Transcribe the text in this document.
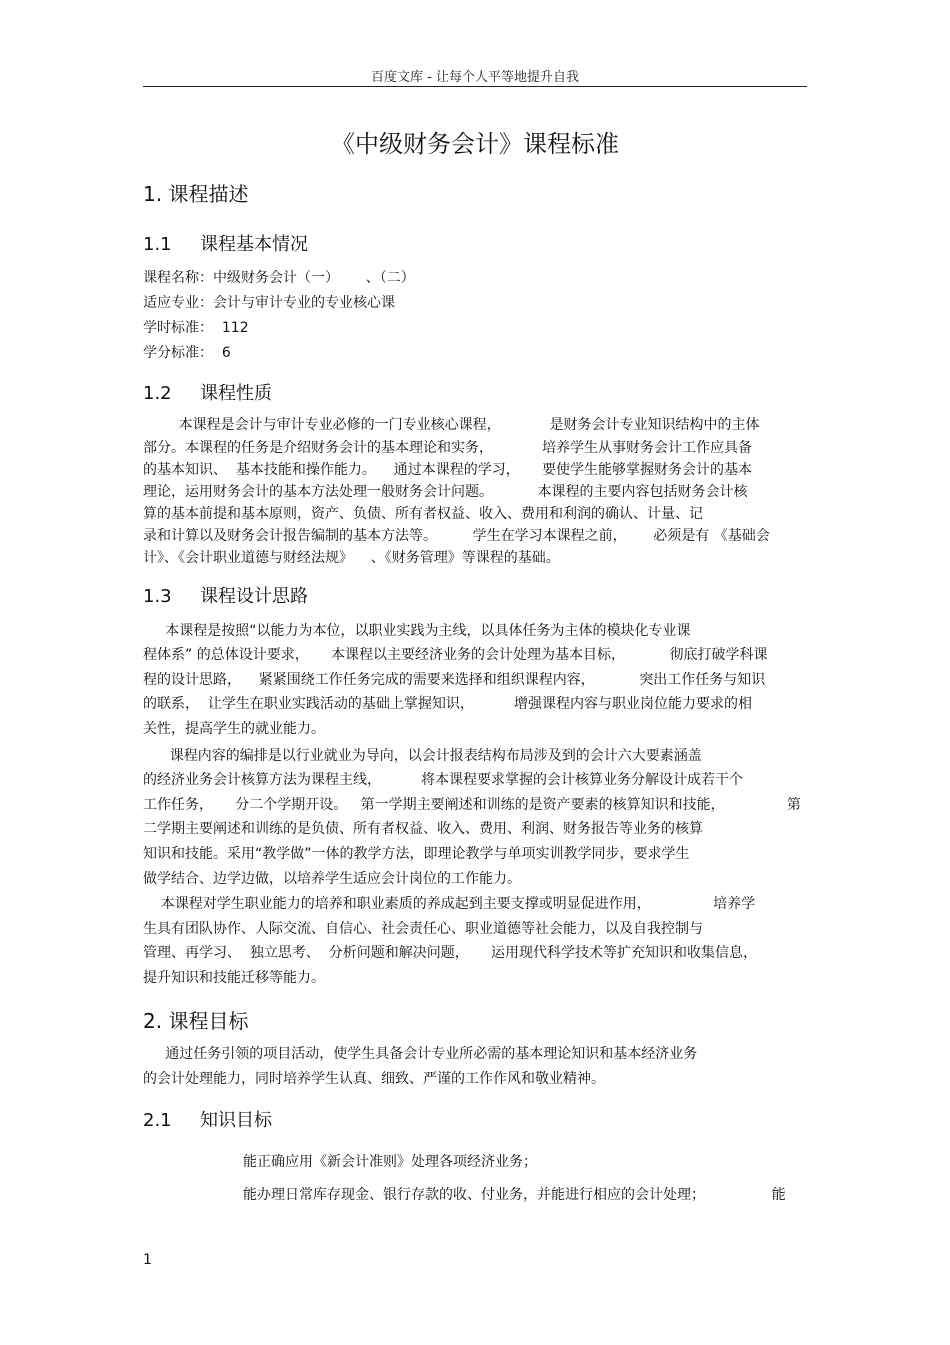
百度文库 - 让每个人平等地提升自我
《中级财务会计》课程标准
1. 课程描述
1.1 课程基本情况
课程名称：中级财务会计（一）      、（二）
适应专业：会计与审计专业的专业核心课
学时标准：  112
学分标准：  6
1.2 课程性质
本课程是会计与审计专业必修的一门专业核心课程，           是财务会计专业知识结构中的主体
部分。本课程的任务是介绍财务会计的基本理论和实务，           培养学生从事财务会计工作应具备
的基本知识、  基本技能和操作能力。    通过本课程的学习，     要使学生能够掌握财务会计的基本
理论，运用财务会计的基本方法处理一般财务会计问题。          本课程的主要内容包括财务会计核
算的基本前提和基本原则，资产、负债、所有者权益、收入、费用和利润的确认、计量、记
录和计算以及财务会计报告编制的基本方法等。        学生在学习本课程之前，      必须是有 《基础会
计》、《会计职业道德与财经法规》    、《财务管理》等课程的基础。
1.3 课程设计思路
本课程是按照“以能力为本位，以职业实践为主线，以具体任务为主体的模块化专业课
程体系” 的总体设计要求，     本课程以主要经济业务的会计处理为基本目标，          彻底打破学科课
程的设计思路，    紧紧围绕工作任务完成的需要来选择和组织课程内容，          突出工作任务与知识
的联系，  让学生在职业实践活动的基础上掌握知识，         增强课程内容与职业岗位能力要求的相
关性，提高学生的就业能力。
课程内容的编排是以行业就业为导向，以会计报表结构布局涉及到的会计六大要素涵盖
的经济业务会计核算方法为课程主线，         将本课程要求掌握的会计核算业务分解设计成若干个
工作任务，     分二个学期开设。   第一学期主要阐述和训练的是资产要素的核算知识和技能，              第
二学期主要阐述和训练的是负债、所有者权益、收入、费用、利润、财务报告等业务的核算
知识和技能。采用“教学做”一体的教学方法，即理论教学与单项实训教学同步，要求学生
做学结合、边学边做，以培养学生适应会计岗位的工作能力。
本课程对学生职业能力的培养和职业素质的养成起到主要支撑或明显促进作用，              培养学
生具有团队协作、人际交流、自信心、社会责任心、职业道德等社会能力，以及自我控制与
管理、再学习、  独立思考、  分析问题和解决问题，     运用现代科学技术等扩充知识和收集信息，
提升知识和技能迁移等能力。
2. 课程目标
通过任务引领的项目活动，使学生具备会计专业所必需的基本理论知识和基本经济业务
的会计处理能力，同时培养学生认真、细致、严谨的工作作风和敬业精神。
2.1 知识目标
能正确应用《新会计准则》处理各项经济业务；
能办理日常库存现金、银行存款的收、付业务，并能进行相应的会计处理；               能
1
